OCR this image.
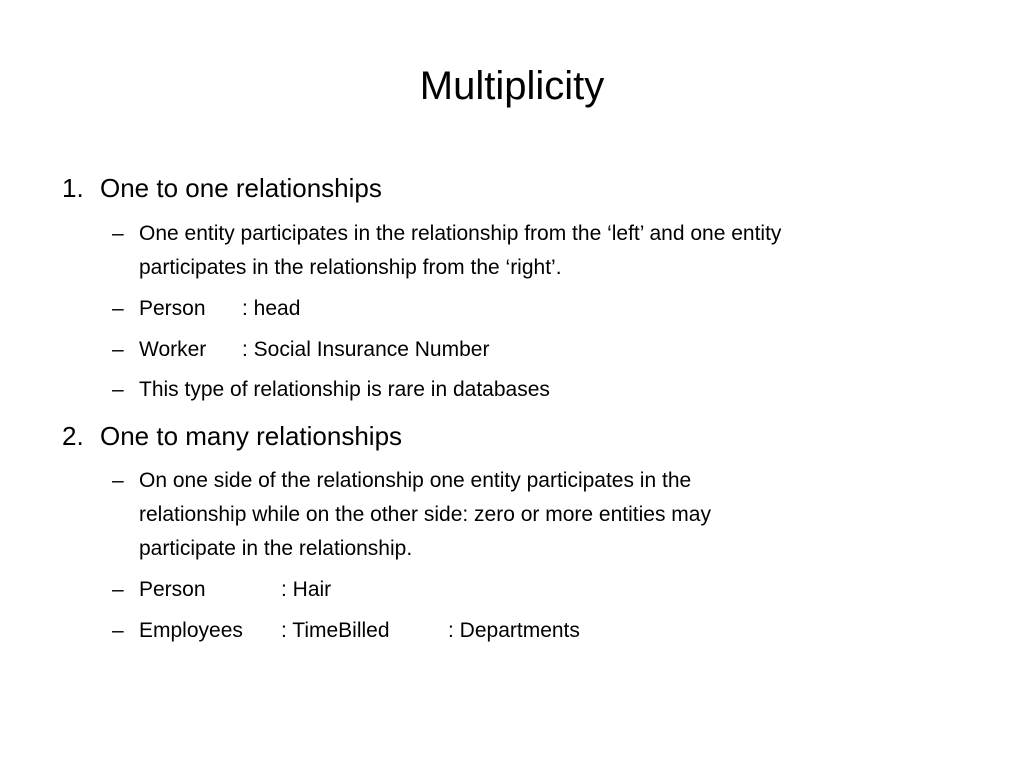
Multiplicity
1. One to one relationships
– One entity participates in the relationship from the ‘left’ and one entity
participates in the relationship from the ‘right’.
– Person : head
– Worker : Social Insurance Number
– This type of relationship is rare in databases
2. One to many relationships
– On one side of the relationship one entity participates in the
relationship while on the other side: zero or more entities may
participate in the relationship.
– Person	: Hair
– Employees : TimeBilled	: Departments
